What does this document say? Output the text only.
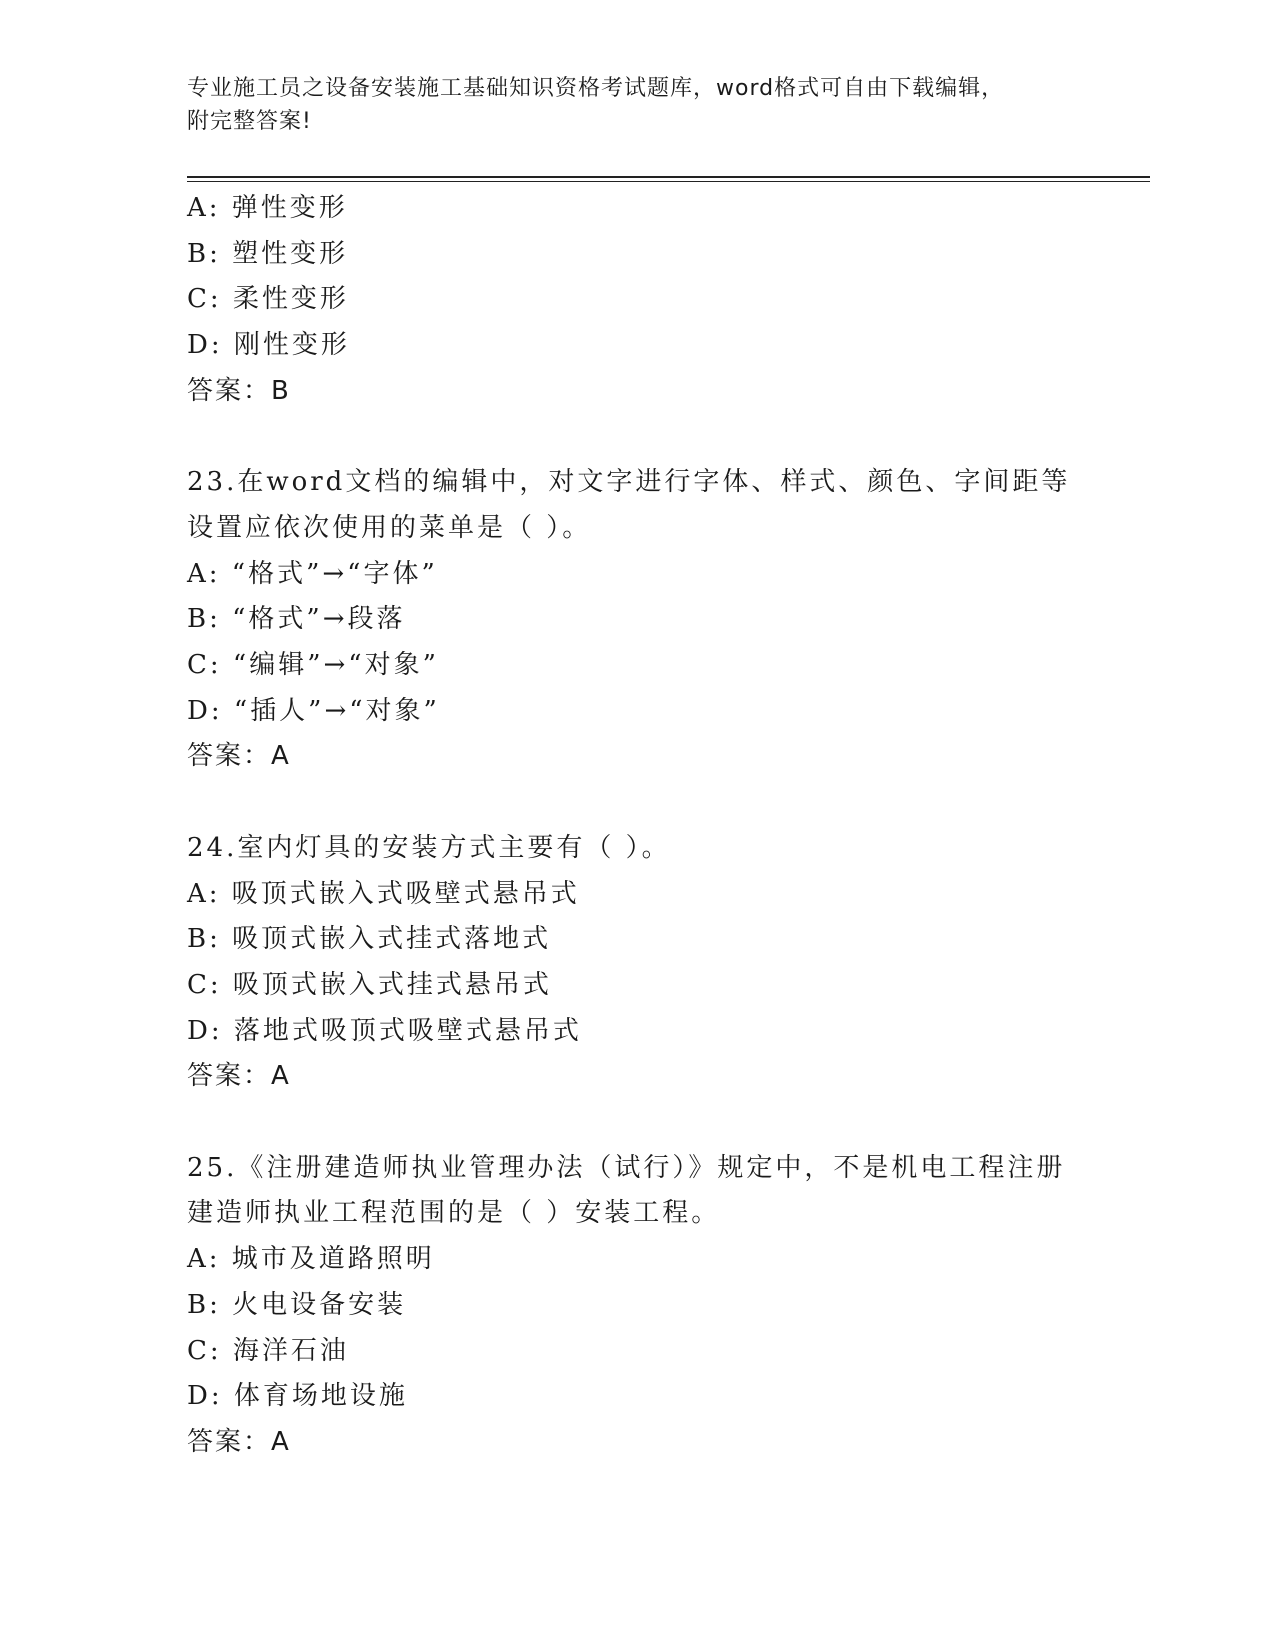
专业施工员之设备安装施工基础知识资格考试题库，word格式可自由下载编辑，
附完整答案!
A: 弹性变形
B: 塑性变形
C: 柔性变形
D: 刚性变形
答案：B
23.在word文档的编辑中，对文字进行字体、样式、颜色、字间距等
设置应依次使用的菜单是（ ）。
A: “格式”→“字体”
B: “格式”→段落
C: “编辑”→“对象”
D: “插人”→“对象”
答案：A
24.室内灯具的安装方式主要有（ ）。
A: 吸顶式嵌入式吸壁式悬吊式
B: 吸顶式嵌入式挂式落地式
C: 吸顶式嵌入式挂式悬吊式
D: 落地式吸顶式吸壁式悬吊式
答案：A
25.《注册建造师执业管理办法（试行）》规定中，不是机电工程注册
建造师执业工程范围的是（ ）安装工程。
A: 城市及道路照明
B: 火电设备安装
C: 海洋石油
D: 体育场地设施
答案：A
